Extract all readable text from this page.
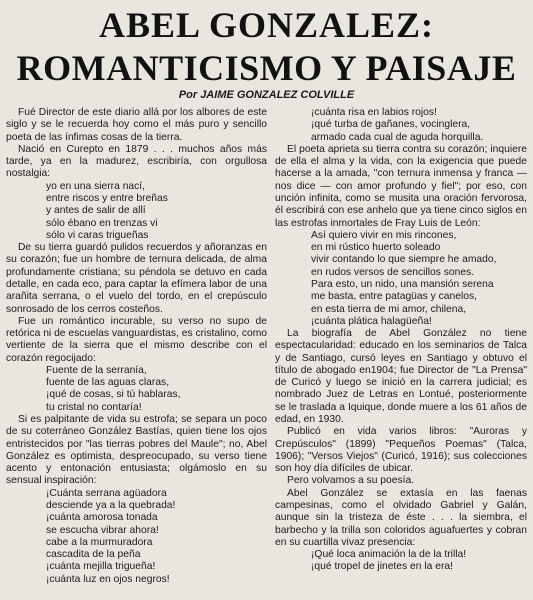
ABEL GONZALEZ:
ROMANTICISMO Y PAISAJE
Por JAIME GONZALEZ COLVILLE

Fué Director de este diario allá por los albores de este siglo y se le recuerda hoy como el más puro y sencillo poeta de las ínfimas cosas de la tierra.

Nació en Curepto en 1879 . . . muchos años más tarde, ya en la madurez, escribiría, con orgullosa nostalgia:

yo en una sierra nací,
entre riscos y entre breñas
y antes de salir de allí
sólo ébano en trenzas vi
sólo vi caras trigueñas

De su tierra guardó pulidos recuerdos y añoranzas en su corazón; fue un hombre de ternura delicada, de alma profundamente cristiana; su péndola se detuvo en cada detalle, en cada eco, para captar la efímera labor de una arañita serrana, o el vuelo del tordo, en el crepúsculo sonrosado de los cerros costeños.

Fue un romántico incurable, su verso no supo de retórica ni de escuelas vanguardistas, es cristalino, como vertiente de la sierra que el mismo describe con el corazón regocijado:

Fuente de la serranía,
fuente de las aguas claras,
¡qué de cosas, si tú hablaras,
tu cristal no contaría!

Si es palpitante de vida su estrofa; se separa un poco de su coterráneo González Bastías, quien tiene los ojos entristecidos por "las tierras pobres del Maule"; no, Abel González es optimista, despreocupado, su verso tiene acento y entonación entusiasta; olgámoslo en su sensual inspiración:

¡Cuánta serrana agüadora
desciende ya a la quebrada!
¡cuánta amorosa tonada
se escucha vibrar ahora!
cabe a la murmuradora
cascadita de la peña
¡cuánta mejilla trigueña!
¡cuánta luz en ojos negros!
¡cuánta risa en labios rojos!
¡qué turba de gañanes, vocinglera,
armado cada cual de aguda horquilla.

El poeta aprieta su tierra contra su corazón; inquiere de ella el alma y la vida, con la exigencia que puede hacerse a la amada, "con ternura inmensa y franca — nos dice — con amor profundo y fiel"; por eso, con unción infinita, como se musita una oración fervorosa, él escribirá con ese anhelo que ya tiene cinco siglos en las estrofas inmortales de Fray Luis de León:

Así quiero vivir en mis rincones,
en mi rústico huerto soleado
vivir contando lo que siempre he amado,
en rudos versos de sencillos sones.
Para esto, un nido, una mansión serena
me basta, entre patagüas y canelos,
en esta tierra de mi amor, chilena,
¡cuánta plática halagüeña!

La biografía de Abel González no tiene espectacularidad: educado en los seminarios de Talca y de Santiago, cursó leyes en Santiago y obtuvo el título de abogado en1904; fue Director de "La Prensa" de Curicó y luego se inició en la carrera judicial; es nombrado Juez de Letras en Lontué, posteriormente se le traslada a Iquique, donde muere a los 61 años de edad, en 1930.

Publicó en vida varios libros: "Auroras y Crepúsculos" (1899) "Pequeños Poemas" (Talca, 1906); "Versos Viejos" (Curicó, 1916); sus colecciones son hoy día difíciles de ubicar.

Pero volvamos a su poesía.

Abel González se extasía en las faenas campesinas, como el olvidado Gabriel y Galán, aunque sin la tristeza de éste . . . la siembra, el barbecho y la trilla son coloridos aguafuertes y cobran en su cuartilla vivaz presencia:

¡Qué loca animación la de la trilla!
¡qué tropel de jinetes en la era!
